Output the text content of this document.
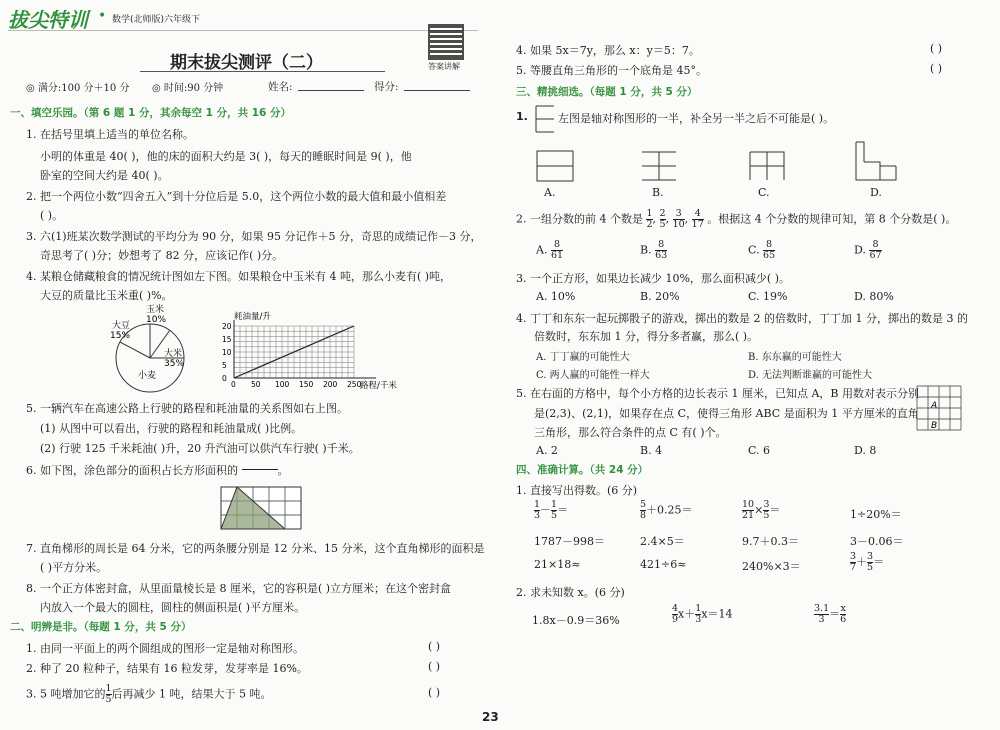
拔尖特训 • 数学(北师版)六年级下
答案讲解
期末拔尖测评（二）
◎ 满分:100 分＋10 分 ◎ 时间:90 分钟	姓名:	得分:
一、填空乐园。（第 6 题 1 分，其余每空 1 分，共 16 分）
1. 在括号里填上适当的单位名称。
小明的体重是 40( )，他的床的面积大约是 3( )，每天的睡眠时间是 9( )，他
卧室的空间大约是 40( )。
2. 把一个两位小数“四舍五入”到十分位后是 5.0，这个两位小数的最大值和最小值相差
( )。
3. 六(1)班某次数学测试的平均分为 90 分，如果 95 分记作＋5 分，奇思的成绩记作－3 分，
奇思考了( )分；妙想考了 82 分，应该记作( )分。
4. 某粮仓储藏粮食的情况统计图如左下图。如果粮仓中玉米有 4 吨，那么小麦有( )吨，
大豆的质量比玉米重( )%。
玉米
10%
大豆
15%
大米
35%
小麦
耗油量/升
路程/千米
0 50 100 150 200 250
0
5
10
15
20
5. 一辆汽车在高速公路上行驶的路程和耗油量的关系图如右上图。
(1) 从图中可以看出，行驶的路程和耗油量成( )比例。
(2) 行驶 125 千米耗油( )升，20 升汽油可以供汽车行驶( )千米。
6. 如下图，涂色部分的面积占长方形面积的	。
7. 直角梯形的周长是 64 分米，它的两条腰分别是 12 分米、15 分米，这个直角梯形的面积是
( )平方分米。
8. 一个正方体密封盒，从里面量棱长是 8 厘米，它的容积是( )立方厘米；在这个密封盒
内放入一个最大的圆柱，圆柱的侧面积是( )平方厘米。
二、明辨是非。（每题 1 分，共 5 分）
1. 由同一平面上的两个圆组成的图形一定是轴对称图形。	( )
2. 种了 20 粒种子，结果有 16 粒发芽，发芽率是 16%。	( )
3. 5 吨增加它的 $\frac{1}{5}$ 后再减少 1 吨，结果大于 5 吨。	( )
23
4. 如果 5x＝7y，那么 x：y＝5：7。	( )
5. 等腰直角三角形的一个底角是 45°。	( )
三、精挑细选。（每题 1 分，共 5 分）
1.	左图是轴对称图形的一半，补全另一半之后不可能是( )。
A.	B.	C.	D.
2. 一组分数的前 4 个数是 $\frac{1}{2}$ , $\frac{2}{5}$ , $\frac{3}{10}$ , $\frac{4}{17}$ 。根据这 4 个分数的规律可知，第 8 个分数是( )。
A. $\frac{8}{61}$	B. $\frac{8}{63}$	C. $\frac{8}{65}$	D. $\frac{8}{67}$
3. 一个正方形，如果边长减少 10%，那么面积减少( )。
A. 10%	B. 20%	C. 19%	D. 80%
4. 丁丁和东东一起玩掷骰子的游戏，掷出的数是 2 的倍数时，丁丁加 1 分，掷出的数是 3 的
倍数时，东东加 1 分，得分多者赢，那么( )。
A. 丁丁赢的可能性大	B. 东东赢的可能性大
C. 两人赢的可能性一样大	D. 无法判断谁赢的可能性大
5. 在右面的方格中，每个小方格的边长表示 1 厘米，已知点 A，B 用数对表示分别
是(2,3)、(2,1)，如果存在点 C，使得三角形 ABC 是面积为 1 平方厘米的直角
三角形，那么符合条件的点 C 有( )个。
A
B
A. 2	B. 4	C. 6	D. 8
四、准确计算。（共 24 分）
1. 直接写出得数。(6 分)
$\frac{1}{3} - \frac{1}{5}$ ＝	$\frac{5}{8} +0.25=$	$\frac{10}{21} \times \frac{3}{5}$ ＝	1÷20%＝
1787－998＝	2.4×5＝	9.7＋0.3＝	3－0.06＝
21×18≈	421÷6≈	240%×3＝	$\frac{3}{7} + \frac{3}{5}$ ＝
2. 求未知数 x。(6 分)
1.8x－0.9＝36%	$\frac{4}{9} x+ \frac{1}{3} x=14$	$\frac{3.1}{3} = \frac{x}{6}$
